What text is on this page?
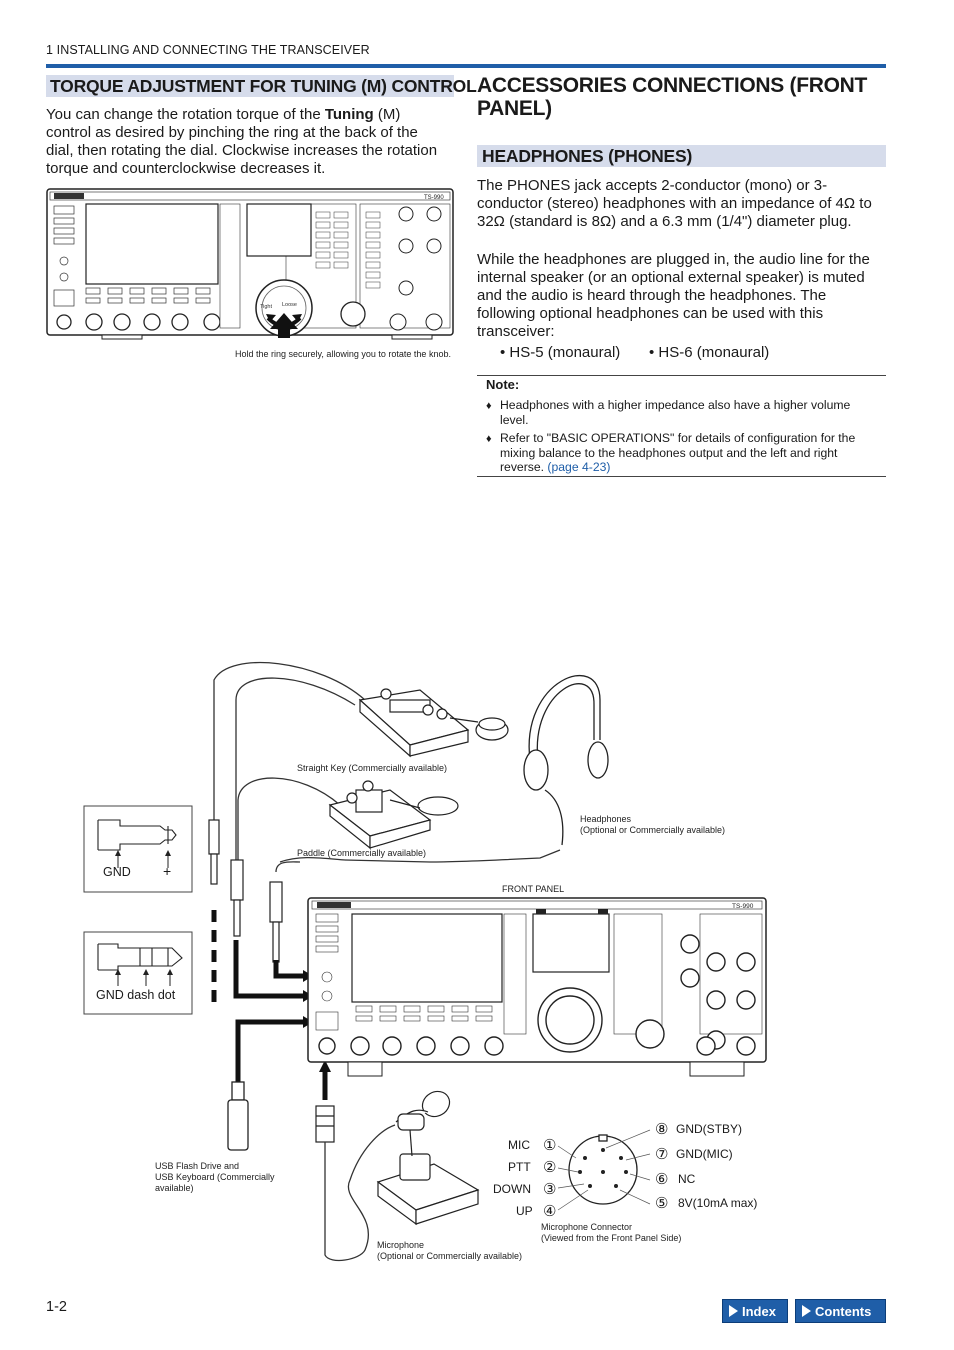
1 INSTALLING AND CONNECTING THE TRANSCEIVER
TORQUE ADJUSTMENT FOR TUNING (M) CONTROL
You can change the rotation torque of the Tuning (M) control as desired by pinching the ring at the back of the dial, then rotating the dial. Clockwise increases the rotation torque and counterclockwise decreases it.
TS-990
Tight Loose
Hold the ring securely, allowing you to rotate the knob.
ACCESSORIES CONNECTIONS (FRONT
PANEL)
HEADPHONES (PHONES)
The PHONES jack accepts 2-conductor (mono) or 3-conductor (stereo) headphones with an impedance of 4Ω to 32Ω (standard is 8Ω) and a 6.3 mm (1/4") diameter plug.
While the headphones are plugged in, the audio line for the internal speaker (or an optional external speaker) is muted and the audio is heard through the headphones. The following optional headphones can be used with this transceiver:
• HS-5 (monaural) • HS-6 (monaural)
Note:
♦ Headphones with a higher impedance also have a higher volume level.
♦ Refer to "BASIC OPERATIONS" for details of configuration for the mixing balance to the headphones output and the left and right reverse. (page 4-23)
TS-990
Straight Key (Commercially available)
Paddle (Commercially available)
Headphones
(Optional or Commercially available)
FRONT PANEL
GND +
GND dash dot
USB Flash Drive and
USB Keyboard (Commercially
available)
Microphone
(Optional or Commercially available)
Microphone Connector
(Viewed from the Front Panel Side)
MIC ①
PTT ②
DOWN ③
UP ④
⑧ GND(STBY)
⑦ GND(MIC)
⑥ NC
⑤ 8V(10mA max)
1-2	Index	Contents
